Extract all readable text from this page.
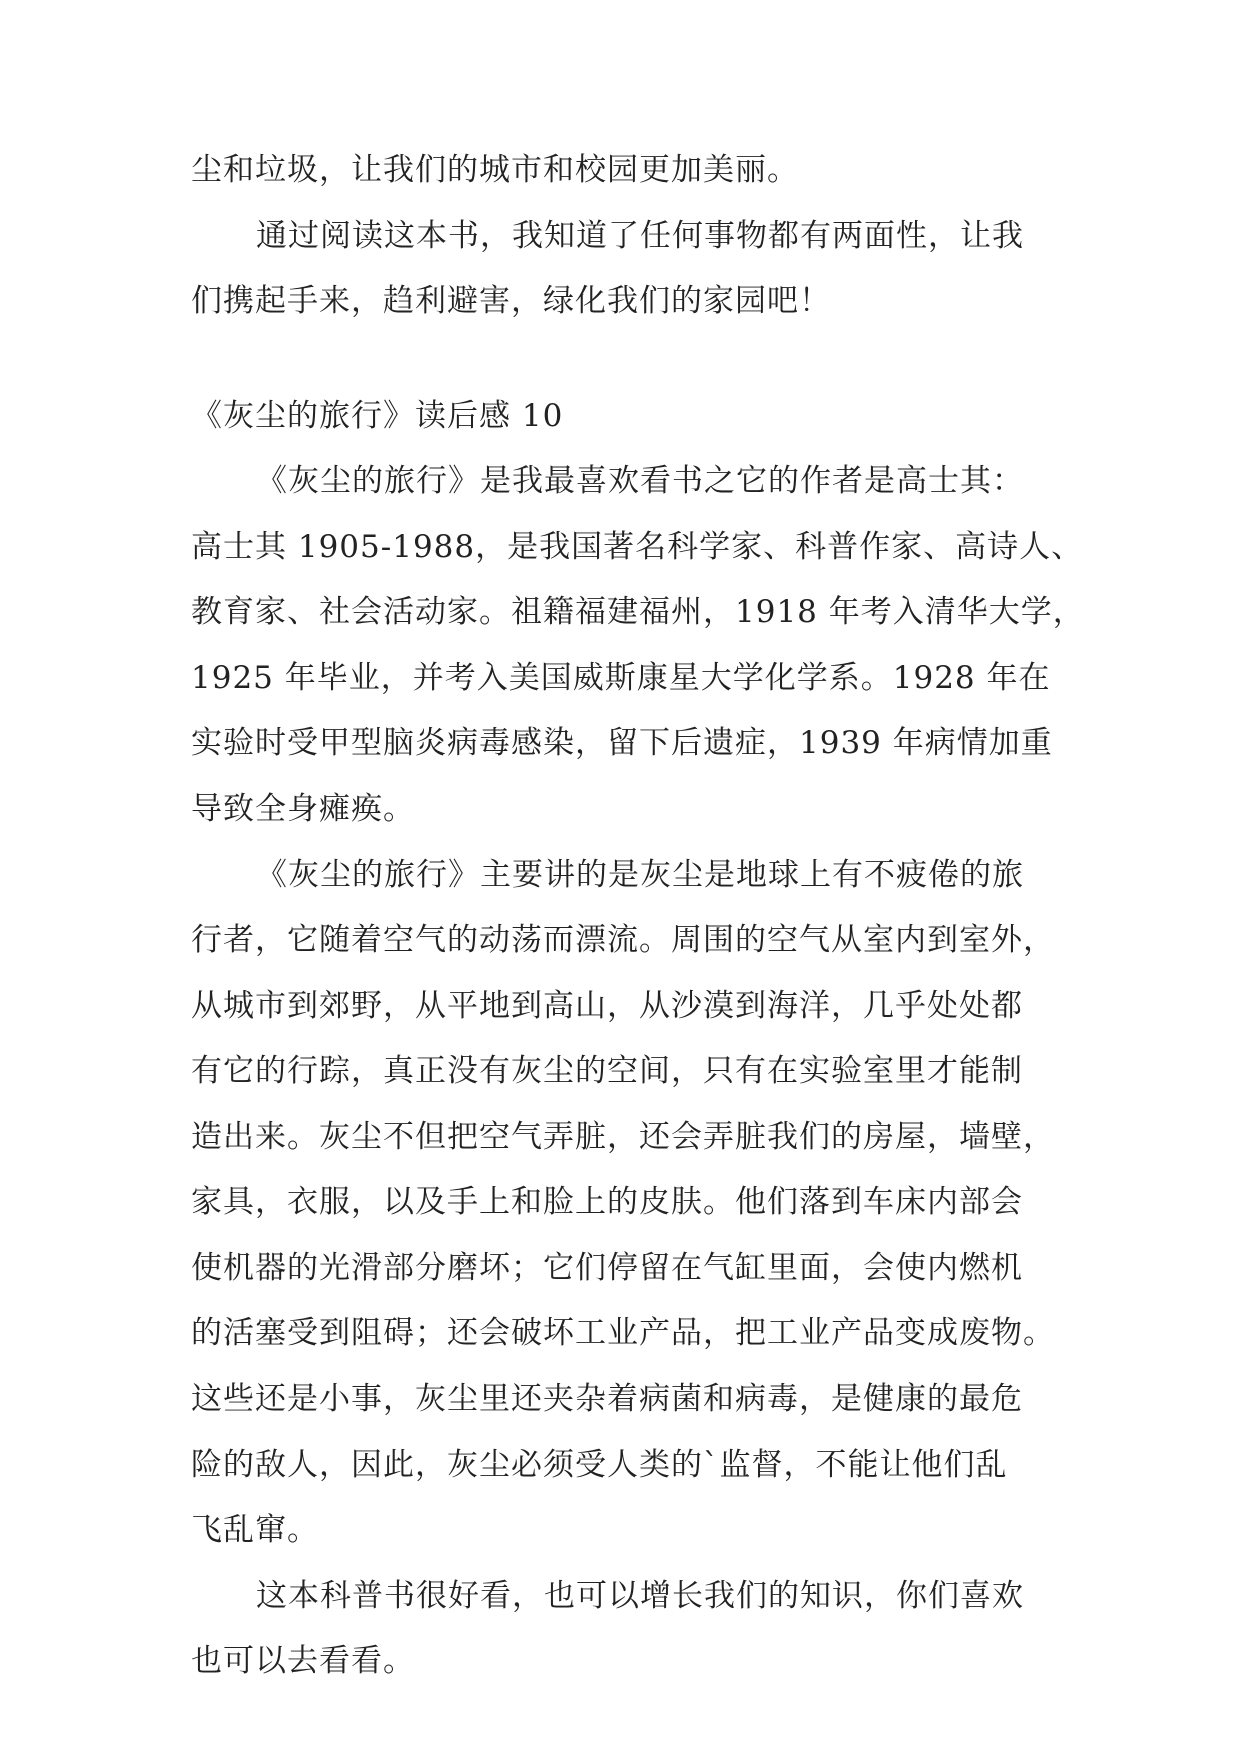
尘和垃圾，让我们的城市和校园更加美丽。
通过阅读这本书，我知道了任何事物都有两面性，让我
们携起手来，趋利避害，绿化我们的家园吧！
《灰尘的旅行》读后感 10
《灰尘的旅行》是我最喜欢看书之它的作者是高士其：
高士其 1905-1988，是我国著名科学家、科普作家、高诗人、
教育家、社会活动家。祖籍福建福州，1918 年考入清华大学，
1925 年毕业，并考入美国威斯康星大学化学系。1928 年在
实验时受甲型脑炎病毒感染，留下后遗症，1939 年病情加重
导致全身瘫痪。
《灰尘的旅行》主要讲的是灰尘是地球上有不疲倦的旅
行者，它随着空气的动荡而漂流。周围的空气从室内到室外，
从城市到郊野，从平地到高山，从沙漠到海洋，几乎处处都
有它的行踪，真正没有灰尘的空间，只有在实验室里才能制
造出来。灰尘不但把空气弄脏，还会弄脏我们的房屋，墙壁，
家具，衣服，以及手上和脸上的皮肤。他们落到车床内部会
使机器的光滑部分磨坏；它们停留在气缸里面，会使内燃机
的活塞受到阻碍；还会破坏工业产品，把工业产品变成废物。
这些还是小事，灰尘里还夹杂着病菌和病毒，是健康的最危
险的敌人，因此，灰尘必须受人类的`监督，不能让他们乱
飞乱窜。
这本科普书很好看，也可以增长我们的知识，你们喜欢
也可以去看看。
